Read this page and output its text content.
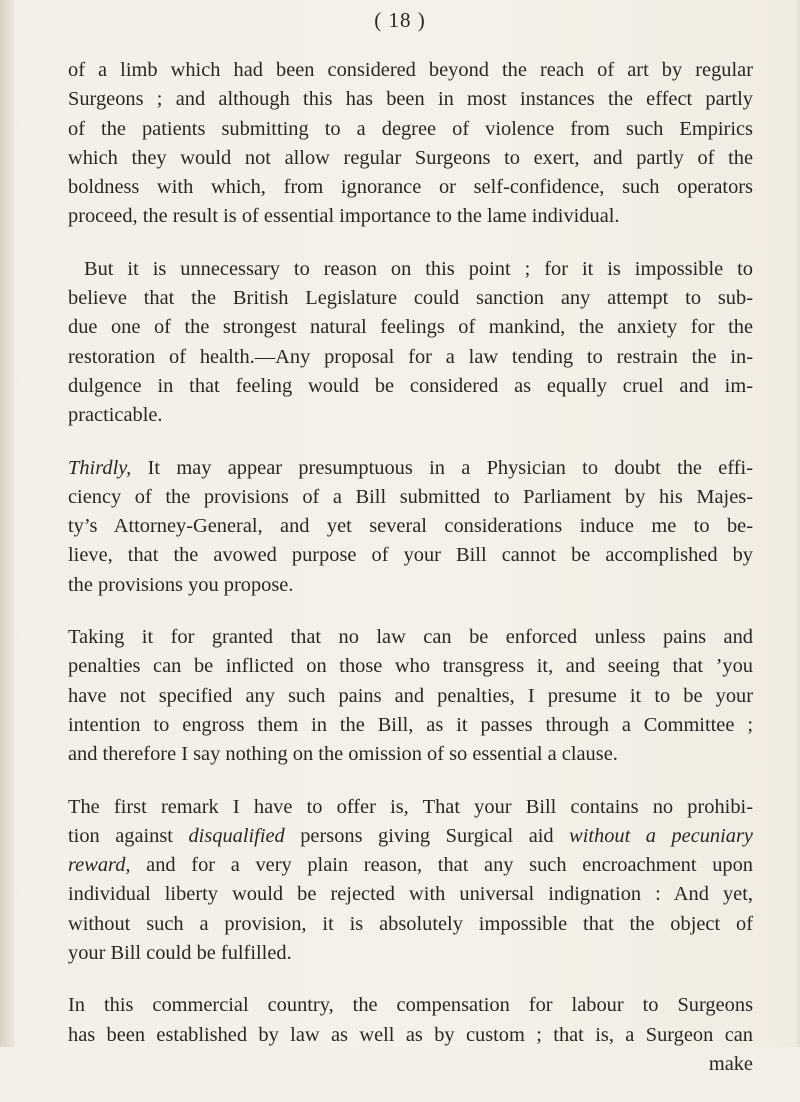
( 18 )

of a limb which had been considered beyond the reach of art by regular
Surgeons ; and although this has been in most instances the effect partly
of the patients submitting to a degree of violence from such Empirics
which they would not allow regular Surgeons to exert, and partly of the
boldness with which, from ignorance or self-confidence, such operators
proceed, the result is of essential importance to the lame individual.

But it is unnecessary to reason on this point ; for it is impossible to
believe that the British Legislature could sanction any attempt to sub-
due one of the strongest natural feelings of mankind, the anxiety for the
restoration of health.—Any proposal for a law tending to restrain the in-
dulgence in that feeling would be considered as equally cruel and im-
practicable.

Thirdly, It may appear presumptuous in a Physician to doubt the effi-
ciency of the provisions of a Bill submitted to Parliament by his Majes-
ty’s Attorney-General, and yet several considerations induce me to be-
lieve, that the avowed purpose of your Bill cannot be accomplished by
the provisions you propose.

Taking it for granted that no law can be enforced unless pains and
penalties can be inflicted on those who transgress it, and seeing that ’you
have not specified any such pains and penalties, I presume it to be your
intention to engross them in the Bill, as it passes through a Committee ;
and therefore I say nothing on the omission of so essential a clause.

The first remark I have to offer is, That your Bill contains no prohibi-
tion against disqualified persons giving Surgical aid without a pecuniary
reward, and for a very plain reason, that any such encroachment upon
individual liberty would be rejected with universal indignation : And yet,
without such a provision, it is absolutely impossible that the object of
your Bill could be fulfilled.

In this commercial country, the compensation for labour to Surgeons
has been established by law as well as by custom ; that is, a Surgeon can
make
